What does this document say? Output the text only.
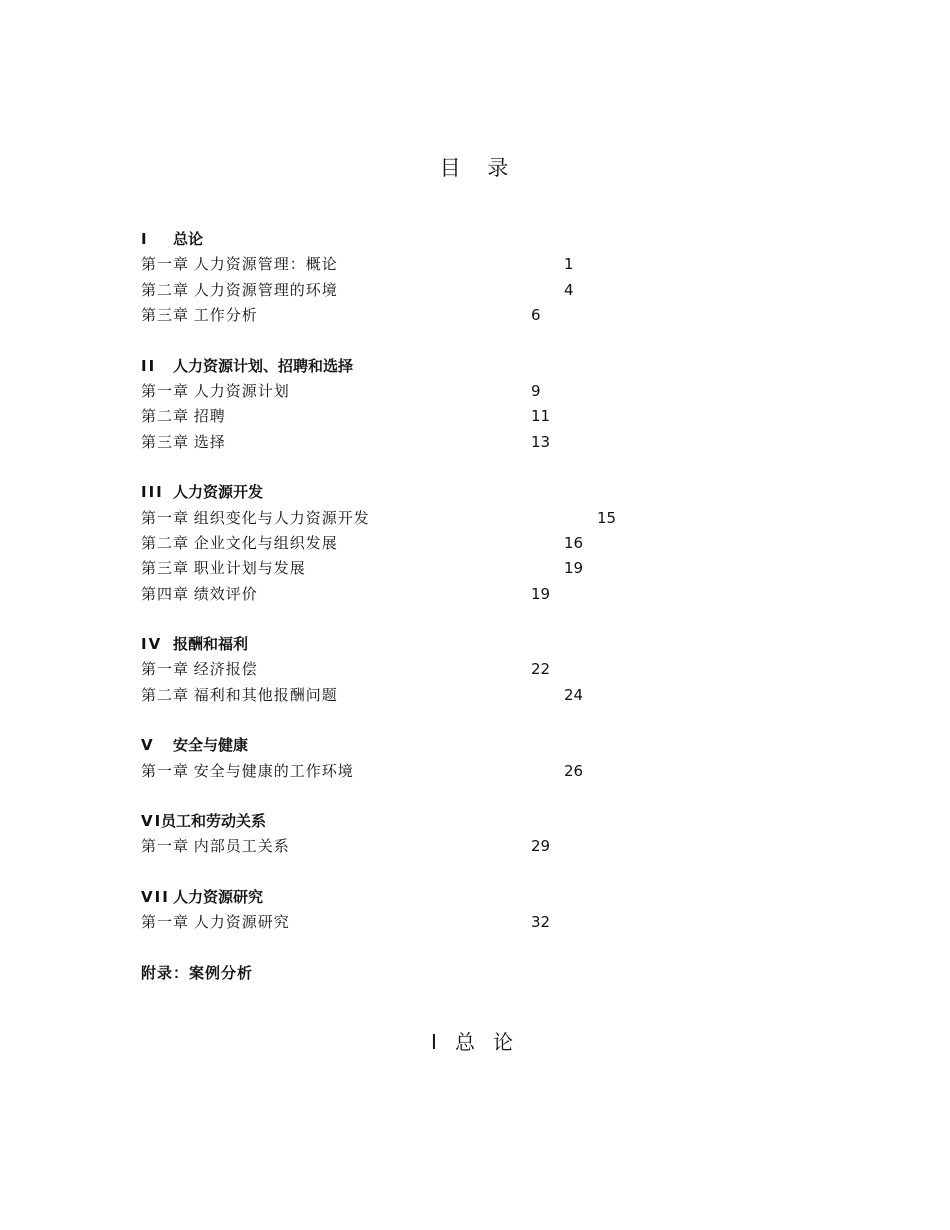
目 录
I 总论
第一章 人力资源管理：概论	1
第二章 人力资源管理的环境	4
第三章 工作分析	6
II 人力资源计划、招聘和选择
第一章 人力资源计划	9
第二章 招聘	11
第三章 选择	13
III 人力资源开发
第一章 组织变化与人力资源开发	15
第二章 企业文化与组织发展	16
第三章 职业计划与发展	19
第四章 绩效评价	19
IV 报酬和福利
第一章 经济报偿	22
第二章 福利和其他报酬问题	24
V 安全与健康
第一章 安全与健康的工作环境	26
VI员工和劳动关系
第一章 内部员工关系	29
VII 人力资源研究
第一章 人力资源研究	32
附录：案例分析
I 总 论
